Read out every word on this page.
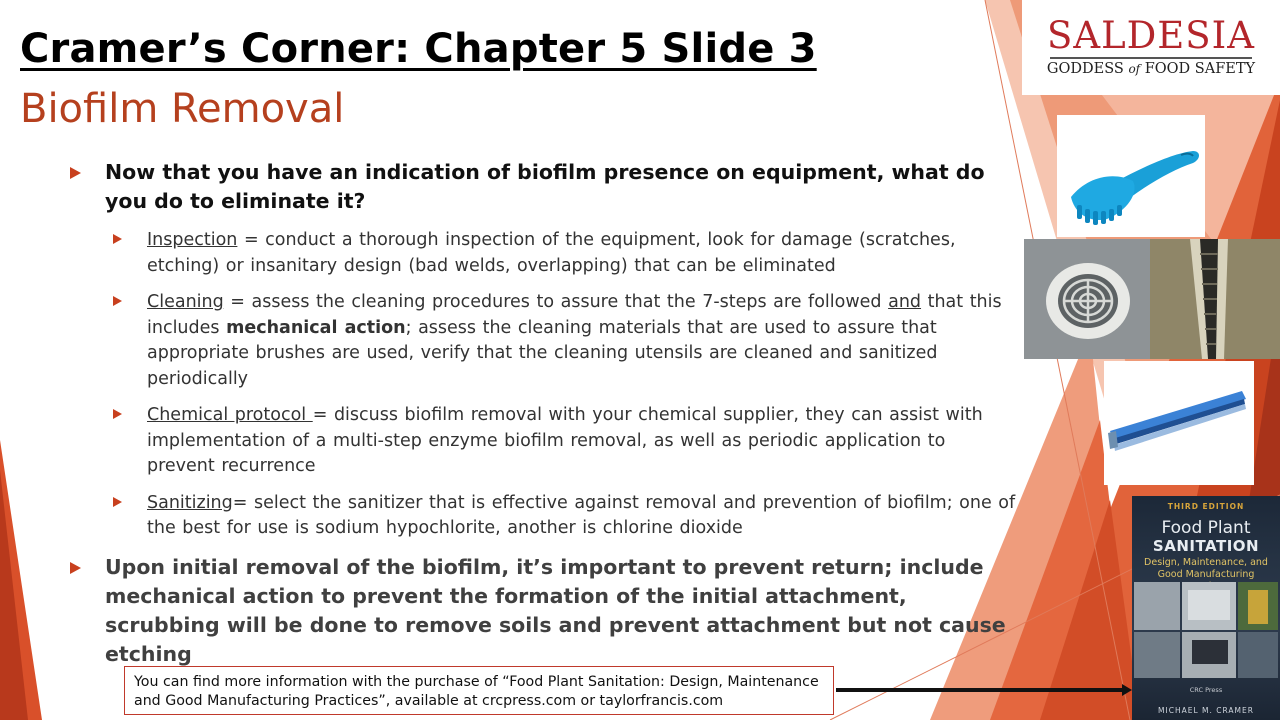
Cramer’s Corner: Chapter 5 Slide 3
Biofilm Removal
Now that you have an indication of biofilm presence on equipment, what do you do to eliminate it?
Inspection = conduct a thorough inspection of the equipment, look for damage (scratches, etching) or insanitary design (bad welds, overlapping) that can be eliminated
Cleaning = assess the cleaning procedures to assure that the 7-steps are followed and that this includes mechanical action; assess the cleaning materials that are used to assure that appropriate brushes are used, verify that the cleaning utensils are cleaned and sanitized periodically
Chemical protocol = discuss biofilm removal with your chemical supplier, they can assist with implementation of a multi-step enzyme biofilm removal, as well as periodic application to prevent recurrence
Sanitizing= select the sanitizer that is effective against removal and prevention of biofilm; one of the best for use is sodium hypochlorite, another is chlorine dioxide
Upon initial removal of the biofilm, it’s important to prevent return; include mechanical action to prevent the formation of the initial attachment, scrubbing will be done to remove soils and prevent attachment but not cause etching
You can find more information with the purchase of “Food Plant Sanitation: Design, Maintenance and Good Manufacturing Practices”, available at crcpress.com or taylorfrancis.com
SALDESIA
GODDESS of FOOD SAFETY
THIRD EDITION
Food Plant
SANITATION
Design, Maintenance, and Good Manufacturing
CRC Press
MICHAEL M. CRAMER
